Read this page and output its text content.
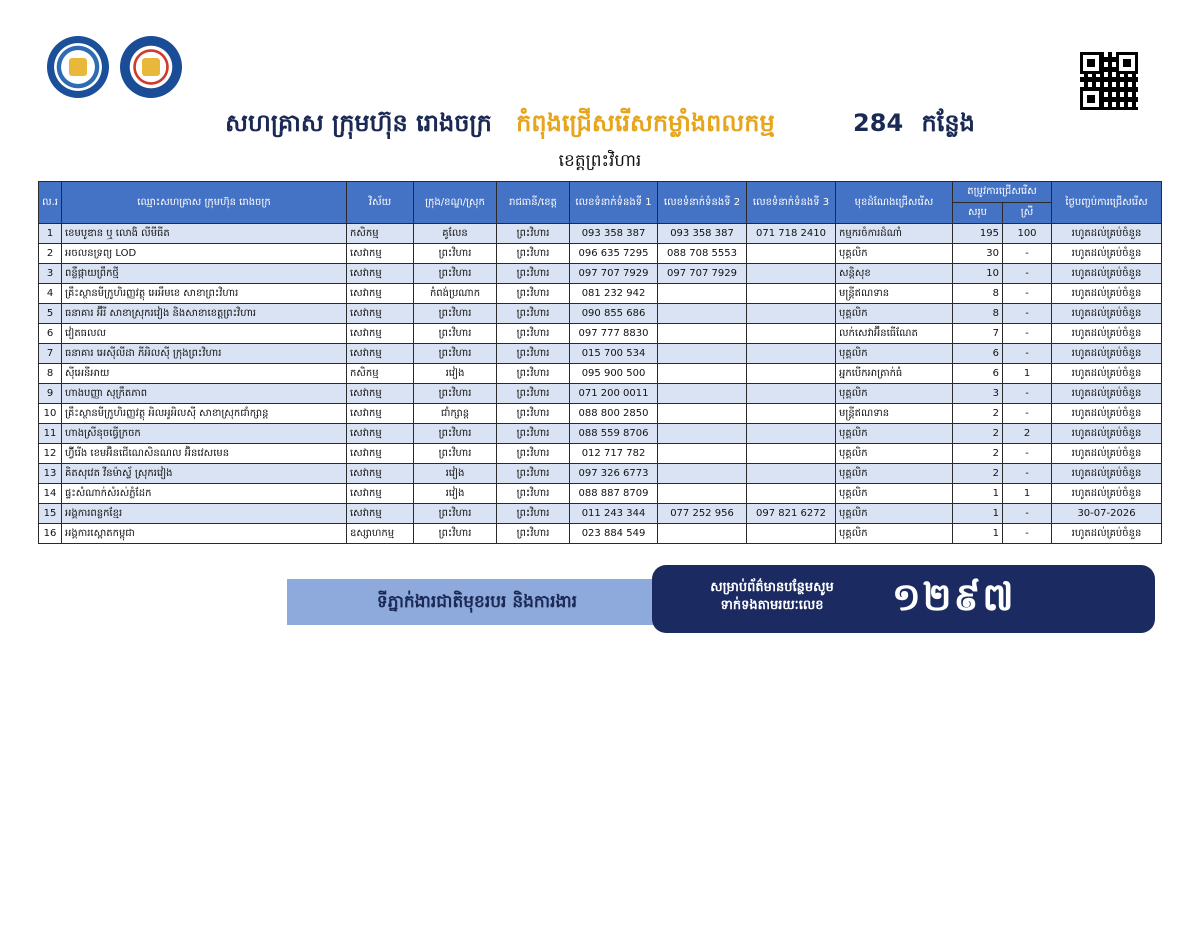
សហគ្រាស ក្រុមហ៊ុន រោងចក្រ កំពុងជ្រើសរើសកម្លាំងពលកម្ម	284 កន្លែង
ខេត្តព្រះវិហារ
ល.រ	ឈ្មោះសហគ្រាស ក្រុមហ៊ុន រោងចក្រ	វិស័យ	ក្រុង/ខណ្ឌ/ស្រុក	រាជធានី/ខេត្ត	លេខទំនាក់ទំនងទី 1	លេខទំនាក់ទំនងទី 2	លេខទំនាក់ទំនងទី 3	មុខដំណែងជ្រើសរើស	តម្រូវការជ្រើសរើស		ថ្ងៃបញ្ចប់ការជ្រើសរើស
									សរុប	ស្រី	
1	ខេមបូឌាន ឬ លោងិ លីមីធីត	កសិកម្ម	គូលែន	ព្រះវិហារ	093 358 387	093 358 387	071 718 2410	កម្មករចំការដំណាំ	195	100	រហូតដល់គ្រប់ចំនួន
2	អចលនទ្រព្យ LOD	សេវាកម្ម	ព្រះវិហារ	ព្រះវិហារ	096 635 7295	088 708 5553		បុគ្គលិក	30	-	រហូតដល់គ្រប់ចំនួន
3	ពន្លឺផ្កាយព្រឹកថ្មី	សេវាកម្ម	ព្រះវិហារ	ព្រះវិហារ	097 707 7929	097 707 7929		សន្តិសុខ	10	-	រហូតដល់គ្រប់ចំនួន
4	គ្រឹះស្ថានមីក្រូហិរញ្ញវត្ថុ អេអឹមខេ សាខាព្រះវិហារ	សេវាកម្ម	កំពង់ប្រណាក	ព្រះវិហារ	081 232 942			មន្ត្រីឥណទាន	8	-	រហូតដល់គ្រប់ចំនួន
5	ធនាគារ អ៊ីរី សាខាស្រុករវៀង និងសាខាខេត្តព្រះវិហារ	សេវាកម្ម	ព្រះវិហារ	ព្រះវិហារ	090 855 686			បុគ្គលិក	8	-	រហូតដល់គ្រប់ចំនួន
6	វៀតធលល	សេវាកម្ម	ព្រះវិហារ	ព្រះវិហារ	097 777 8830			លក់សេវាអ៊ីនធើណែត	7	-	រហូតដល់គ្រប់ចំនួន
7	ធនាគារ អេស៊ីលីដា ភីអិលស៊ី ក្រុងព្រះវិហារ	សេវាកម្ម	ព្រះវិហារ	ព្រះវិហារ	015 700 534			បុគ្គលិក	6	-	រហូតដល់គ្រប់ចំនួន
8	ស៊ីអេនីអាយ	កសិកម្ម	រវៀង	ព្រះវិហារ	095 900 500			អ្នកបើកអាត្រាក់ធំ	6	1	រហូតដល់គ្រប់ចំនួន
9	ហាងបញ្ញា សុក្រឹតភាព	សេវាកម្ម	ព្រះវិហារ	ព្រះវិហារ	071 200 0011			បុគ្គលិក	3	-	រហូតដល់គ្រប់ចំនួន
10	គ្រឹះស្ថានមីក្រូហិរញ្ញវត្ថុ អិលអូអិលស៊ី សាខាស្រុកជាំក្សាន្ត	សេវាកម្ម	ជាំក្សាន្ត	ព្រះវិហារ	088 800 2850			មន្ត្រីឥណទាន	2	-	រហូតដល់គ្រប់ចំនួន
11	ហាងស្រីនុចធ្វើក្រចក	សេវាកម្ម	ព្រះវិហារ	ព្រះវិហារ	088 559 8706			បុគ្គលិក	2	2	រហូតដល់គ្រប់ចំនួន
12	ហ៊្វីរេីង ខេមអ៊ិនជើណេសិនណល អ៊ិនវេសមេន	សេវាកម្ម	ព្រះវិហារ	ព្រះវិហារ	012 717 782			បុគ្គលិក	2	-	រហូតដល់គ្រប់ចំនួន
13	គិតសុវេត វីនម៉ាស្ទ័ ស្រុករវៀង	សេវាកម្ម	រវៀង	ព្រះវិហារ	097 326 6773			បុគ្គលិក	2	-	រហូតដល់គ្រប់ចំនួន
14	ផ្ទះសំណាក់សំរស់ភ្លំដែក	សេវាកម្ម	រវៀង	ព្រះវិហារ	088 887 8709			បុគ្គលិក	1	1	រហូតដល់គ្រប់ចំនួន
15	អង្គការពន្លកខ្មែរ	សេវាកម្ម	ព្រះវិហារ	ព្រះវិហារ	011 243 344	077 252 956	097 821 6272	បុគ្គលិក	1	-	30-07-2026
16	អង្គការស្ពោតកម្ពុជា	ឧស្សាហកម្ម	ព្រះវិហារ	ព្រះវិហារ	023 884 549			បុគ្គលិក	1	-	រហូតដល់គ្រប់ចំនួន
ទីភ្នាក់ងារជាតិមុខរបរ និងការងារ
សម្រាប់ព័ត៌មានបន្ថែមសូម
ទាក់ទងតាមរយៈលេខ	១២៩៧
